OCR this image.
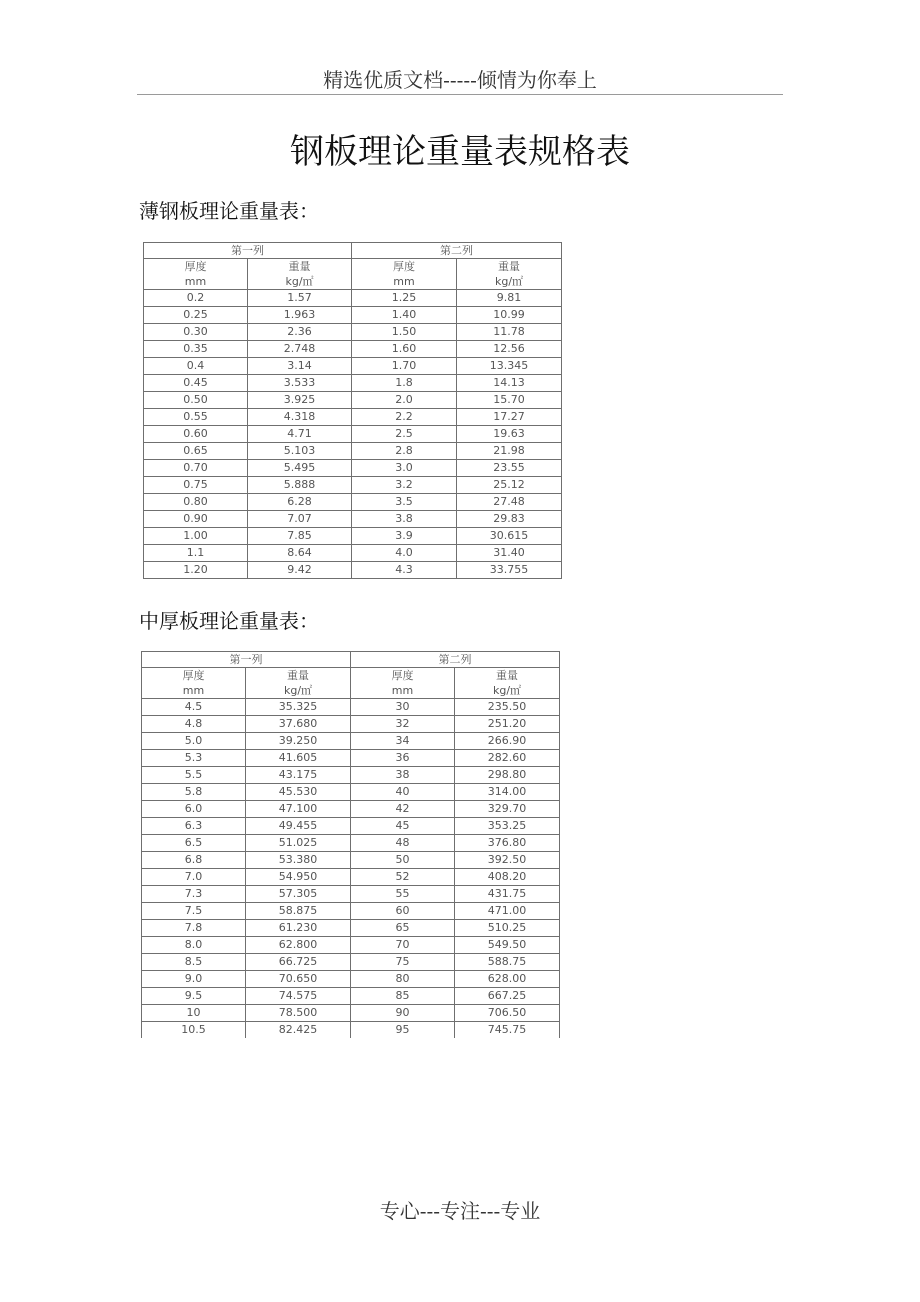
精选优质文档-----倾情为你奉上
钢板理论重量表规格表
薄钢板理论重量表：
第一列		第二列	
厚度	重量	厚度	重量
mm	kg/㎡	mm	kg/㎡
0.2	1.57	1.25	9.81
0.25	1.963	1.40	10.99
0.30	2.36	1.50	11.78
0.35	2.748	1.60	12.56
0.4	3.14	1.70	13.345
0.45	3.533	1.8	14.13
0.50	3.925	2.0	15.70
0.55	4.318	2.2	17.27
0.60	4.71	2.5	19.63
0.65	5.103	2.8	21.98
0.70	5.495	3.0	23.55
0.75	5.888	3.2	25.12
0.80	6.28	3.5	27.48
0.90	7.07	3.8	29.83
1.00	7.85	3.9	30.615
1.1	8.64	4.0	31.40
1.20	9.42	4.3	33.755
中厚板理论重量表：
第一列		第二列	
厚度	重量	厚度	重量
mm	kg/㎡	mm	kg/㎡
4.5	35.325	30	235.50
4.8	37.680	32	251.20
5.0	39.250	34	266.90
5.3	41.605	36	282.60
5.5	43.175	38	298.80
5.8	45.530	40	314.00
6.0	47.100	42	329.70
6.3	49.455	45	353.25
6.5	51.025	48	376.80
6.8	53.380	50	392.50
7.0	54.950	52	408.20
7.3	57.305	55	431.75
7.5	58.875	60	471.00
7.8	61.230	65	510.25
8.0	62.800	70	549.50
8.5	66.725	75	588.75
9.0	70.650	80	628.00
9.5	74.575	85	667.25
10	78.500	90	706.50
10.5	82.425	95	745.75
专心---专注---专业
